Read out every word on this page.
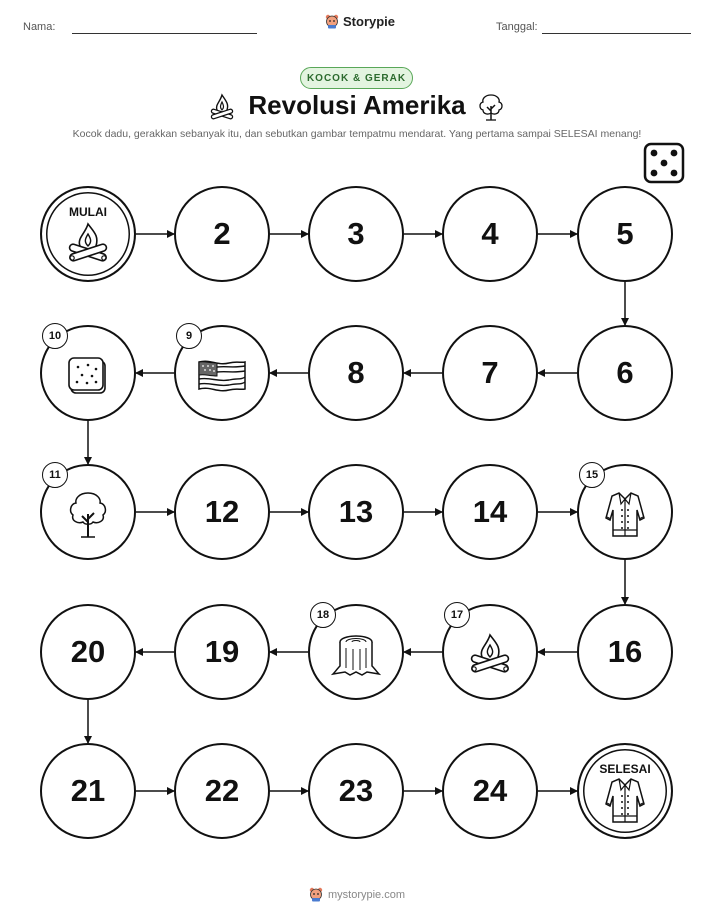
Nama:	Storypie	Tanggal:
KOCOK & GERAK
Revolusi Amerika
Kocok dadu, gerakkan sebanyak itu, dan sebutkan gambar tempatmu mendarat. Yang pertama sampai SELESAI menang!
MULAI
2	3	4	5
6
7
8
9
10
11
12	13	14
15
16
17
18
19
20
21	22	23	24
SELESAI
mystorypie.com
